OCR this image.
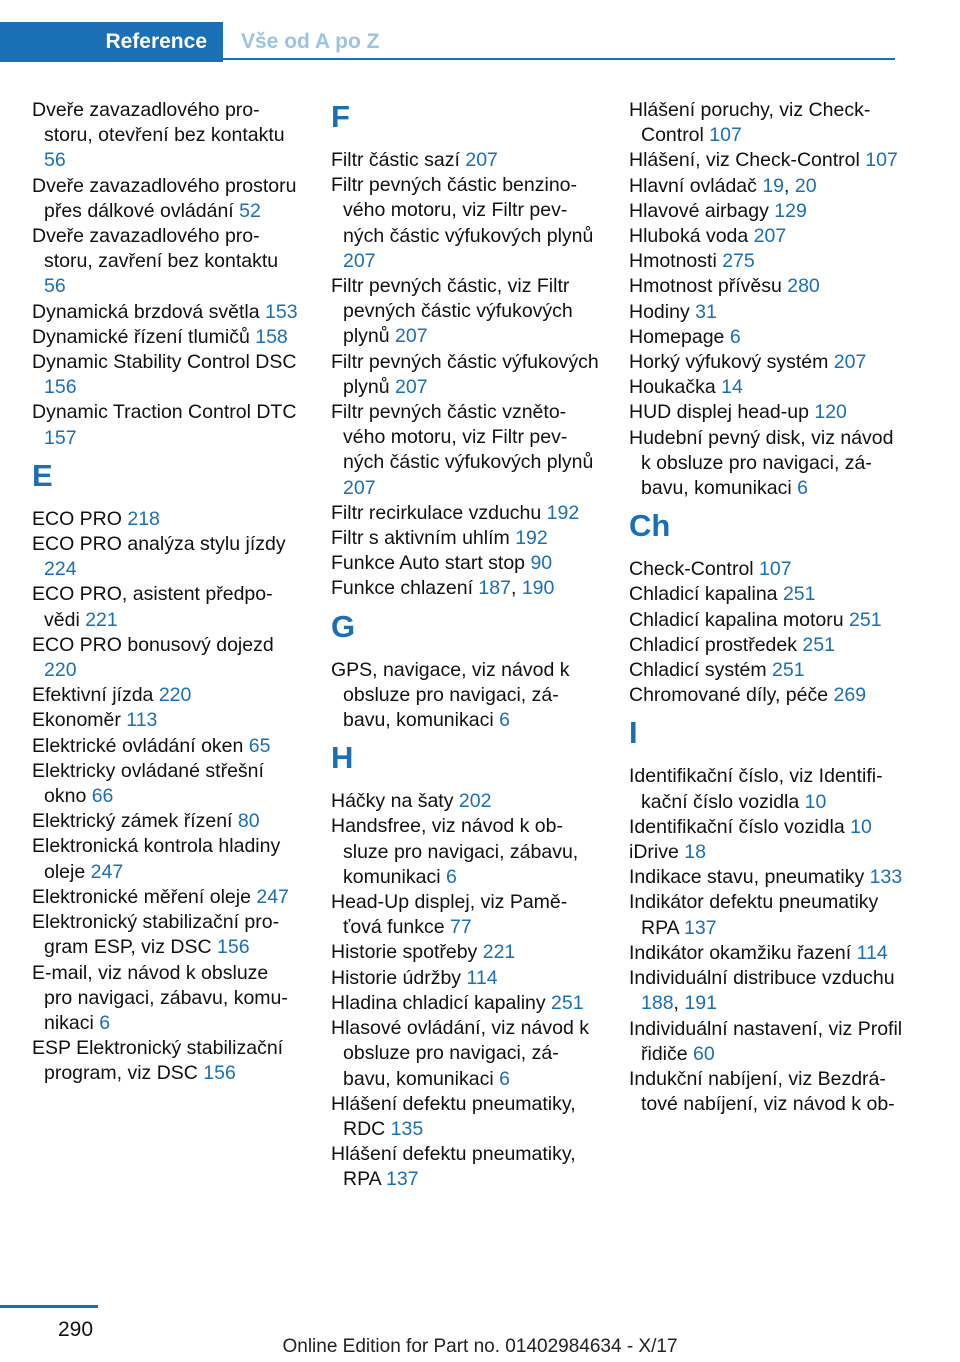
Reference	Vše od A po Z
Dveře zavazadlového prostoru, otevření bez kontaktu 56
Dveře zavazadlového prostoru přes dálkové ovládání 52
Dveře zavazadlového prostoru, zavření bez kontaktu 56
Dynamická brzdová světla 153
Dynamické řízení tlumičů 158
Dynamic Stability Control DSC 156
Dynamic Traction Control DTC 157
E
ECO PRO 218
ECO PRO analýza stylu jízdy 224
ECO PRO, asistent předpovědi 221
ECO PRO bonusový dojezd 220
Efektivní jízda 220
Ekonoměr 113
Elektrické ovládání oken 65
Elektricky ovládané střešní okno 66
Elektrický zámek řízení 80
Elektronická kontrola hladiny oleje 247
Elektronické měření oleje 247
Elektronický stabilizační program ESP, viz DSC 156
E-mail, viz návod k obsluze pro navigaci, zábavu, komunikaci 6
ESP Elektronický stabilizační program, viz DSC 156
F
Filtr částic sazí 207
Filtr pevných částic benzinového motoru, viz Filtr pevných částic výfukových plynů 207
Filtr pevných částic, viz Filtr pevných částic výfukových plynů 207
Filtr pevných částic výfukových plynů 207
Filtr pevných částic vznětového motoru, viz Filtr pevných částic výfukových plynů 207
Filtr recirkulace vzduchu 192
Filtr s aktivním uhlím 192
Funkce Auto start stop 90
Funkce chlazení 187, 190
G
GPS, navigace, viz návod k obsluze pro navigaci, zábavu, komunikaci 6
H
Háčky na šaty 202
Handsfree, viz návod k obsluze pro navigaci, zábavu, komunikaci 6
Head-Up displej, viz Paměťová funkce 77
Historie spotřeby 221
Historie údržby 114
Hladina chladicí kapaliny 251
Hlasové ovládání, viz návod k obsluze pro navigaci, zábavu, komunikaci 6
Hlášení defektu pneumatiky, RDC 135
Hlášení defektu pneumatiky, RPA 137
Hlášení poruchy, viz Check-Control 107
Hlášení, viz Check-Control 107
Hlavní ovládač 19, 20
Hlavové airbagy 129
Hluboká voda 207
Hmotnosti 275
Hmotnost přívěsu 280
Hodiny 31
Homepage 6
Horký výfukový systém 207
Houkačka 14
HUD displej head-up 120
Hudební pevný disk, viz návod k obsluze pro navigaci, zábavu, komunikaci 6
Ch
Check-Control 107
Chladicí kapalina 251
Chladicí kapalina motoru 251
Chladicí prostředek 251
Chladicí systém 251
Chromované díly, péče 269
I
Identifikační číslo, viz Identifikační číslo vozidla 10
Identifikační číslo vozidla 10
iDrive 18
Indikace stavu, pneumatiky 133
Indikátor defektu pneumatiky RPA 137
Indikátor okamžiku řazení 114
Individuální distribuce vzduchu 188, 191
Individuální nastavení, viz Profil řidiče 60
Indukční nabíjení, viz Bezdrátové nabíjení, viz návod k ob-
290
Online Edition for Part no. 01402984634 - X/17
